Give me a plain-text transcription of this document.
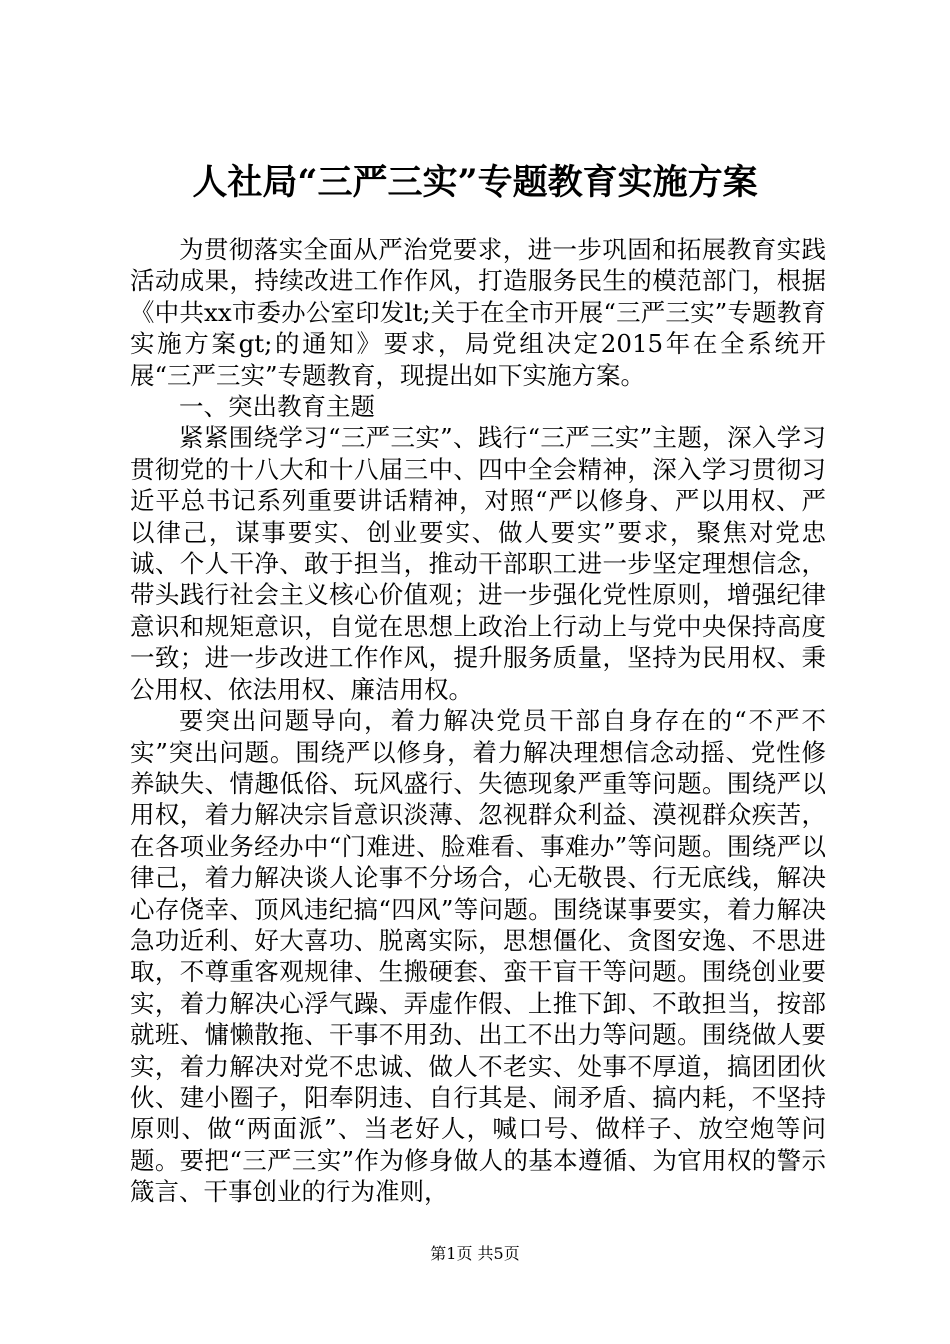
人社局“三严三实”专题教育实施方案

为贯彻落实全面从严治党要求，进一步巩固和拓展教育实践活动成果，持续改进工作作风，打造服务民生的模范部门，根据《中共xx市委办公室印发lt;关于在全市开展“三严三实”专题教育实施方案gt;的通知》要求，局党组决定2015年在全系统开展“三严三实”专题教育，现提出如下实施方案。

一、突出教育主题

紧紧围绕学习“三严三实”、践行“三严三实”主题，深入学习贯彻党的十八大和十八届三中、四中全会精神，深入学习贯彻习近平总书记系列重要讲话精神，对照“严以修身、严以用权、严以律己，谋事要实、创业要实、做人要实”要求，聚焦对党忠诚、个人干净、敢于担当，推动干部职工进一步坚定理想信念，带头践行社会主义核心价值观；进一步强化党性原则，增强纪律意识和规矩意识，自觉在思想上政治上行动上与党中央保持高度一致；进一步改进工作作风，提升服务质量，坚持为民用权、秉公用权、依法用权、廉洁用权。

要突出问题导向，着力解决党员干部自身存在的“不严不实”突出问题。围绕严以修身，着力解决理想信念动摇、党性修养缺失、情趣低俗、玩风盛行、失德现象严重等问题。围绕严以用权，着力解决宗旨意识淡薄、忽视群众利益、漠视群众疾苦，在各项业务经办中“门难进、脸难看、事难办”等问题。围绕严以律己，着力解决谈人论事不分场合，心无敬畏、行无底线，解决心存侥幸、顶风违纪搞“四风”等问题。围绕谋事要实，着力解决急功近利、好大喜功、脱离实际，思想僵化、贪图安逸、不思进取，不尊重客观规律、生搬硬套、蛮干盲干等问题。围绕创业要实，着力解决心浮气躁、弄虚作假、上推下卸、不敢担当，按部就班、慵懒散拖、干事不用劲、出工不出力等问题。围绕做人要实，着力解决对党不忠诚、做人不老实、处事不厚道，搞团团伙伙、建小圈子，阳奉阴违、自行其是、闹矛盾、搞内耗，不坚持原则、做“两面派”、当老好人，喊口号、做样子、放空炮等问题。要把“三严三实”作为修身做人的基本遵循、为官用权的警示箴言、干事创业的行为准则，

第1页 共5页
